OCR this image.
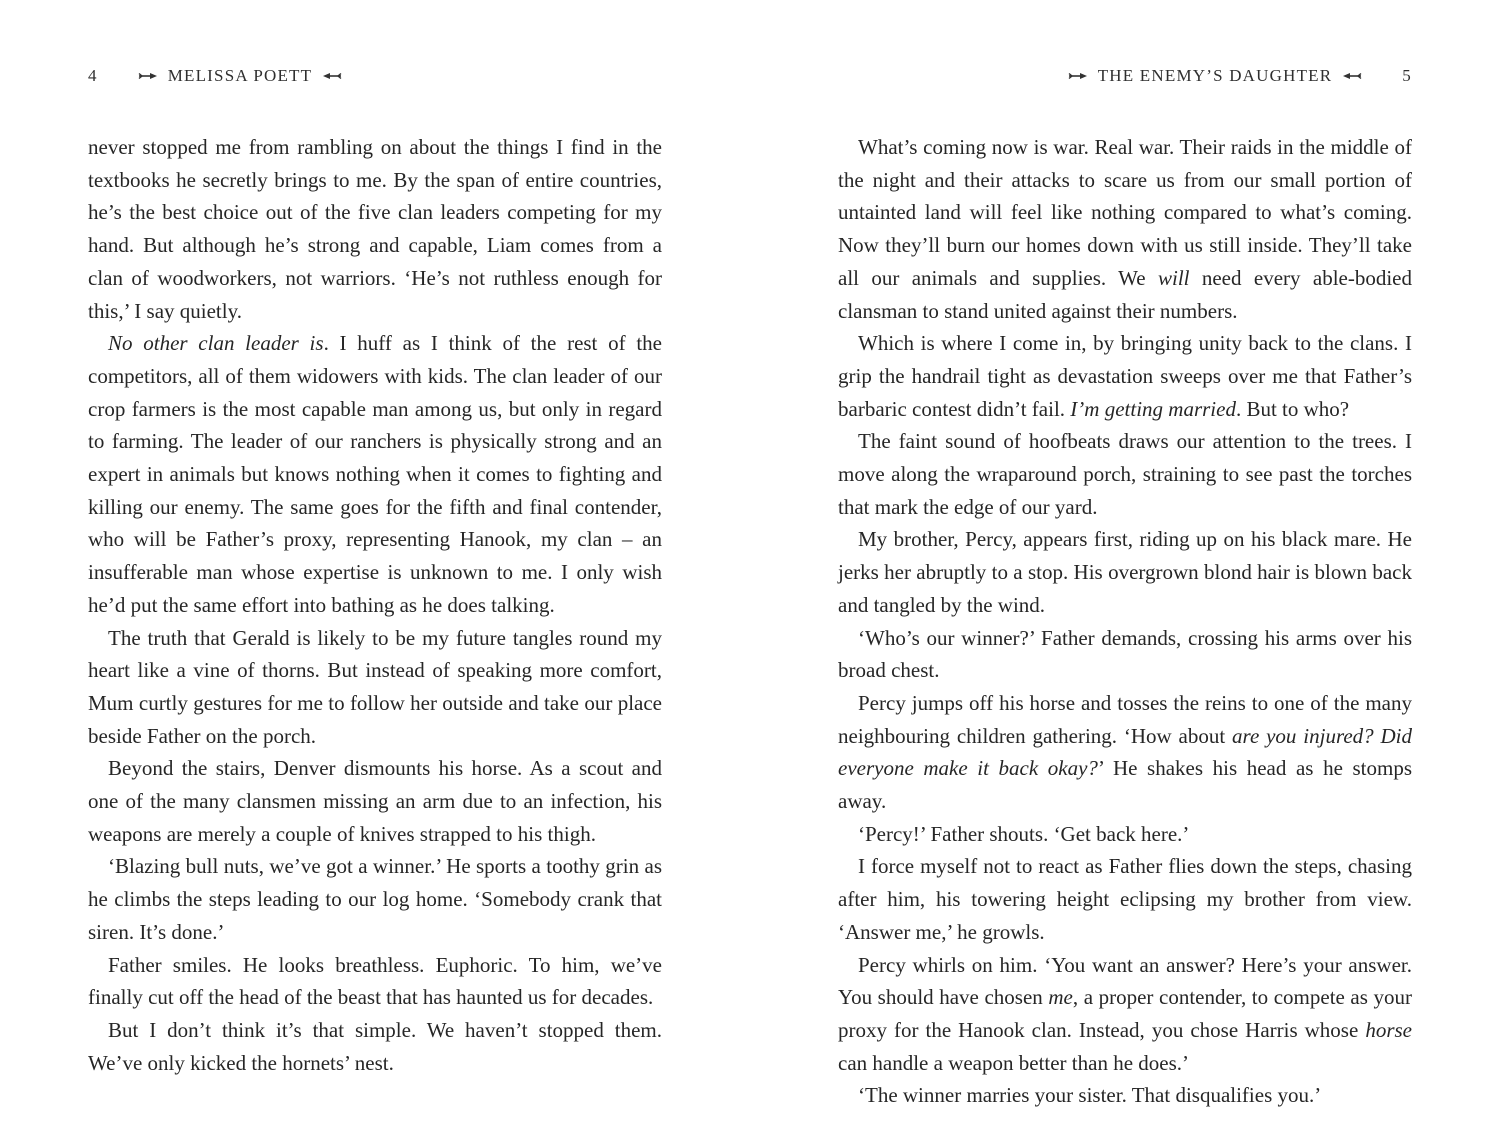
4	MELISSA POETT

never stopped me from rambling on about the things I find in the textbooks he secretly brings to me. By the span of entire countries, he’s the best choice out of the five clan leaders competing for my hand. But although he’s strong and capable, Liam comes from a clan of woodworkers, not warriors. ‘He’s not ruthless enough for this,’ I say quietly.

No other clan leader is. I huff as I think of the rest of the competitors, all of them widowers with kids. The clan leader of our crop farmers is the most capable man among us, but only in regard to farming. The leader of our ranchers is physically strong and an expert in animals but knows nothing when it comes to fighting and killing our enemy. The same goes for the fifth and final contender, who will be Father’s proxy, representing Hanook, my clan – an insufferable man whose expertise is unknown to me. I only wish he’d put the same effort into bathing as he does talking.

The truth that Gerald is likely to be my future tangles round my heart like a vine of thorns. But instead of speaking more comfort, Mum curtly gestures for me to follow her outside and take our place beside Father on the porch.

Beyond the stairs, Denver dismounts his horse. As a scout and one of the many clansmen missing an arm due to an infection, his weapons are merely a couple of knives strapped to his thigh.

‘Blazing bull nuts, we’ve got a winner.’ He sports a toothy grin as he climbs the steps leading to our log home. ‘Somebody crank that siren. It’s done.’

Father smiles. He looks breathless. Euphoric. To him, we’ve finally cut off the head of the beast that has haunted us for decades.

But I don’t think it’s that simple. We haven’t stopped them. We’ve only kicked the hornets’ nest.

THE ENEMY’S DAUGHTER	5

What’s coming now is war. Real war. Their raids in the middle of the night and their attacks to scare us from our small portion of untainted land will feel like nothing compared to what’s coming. Now they’ll burn our homes down with us still inside. They’ll take all our animals and supplies. We will need every able-bodied clansman to stand united against their numbers.

Which is where I come in, by bringing unity back to the clans. I grip the handrail tight as devastation sweeps over me that Father’s barbaric contest didn’t fail. I’m getting married. But to who?

The faint sound of hoofbeats draws our attention to the trees. I move along the wraparound porch, straining to see past the torches that mark the edge of our yard.

My brother, Percy, appears first, riding up on his black mare. He jerks her abruptly to a stop. His overgrown blond hair is blown back and tangled by the wind.

‘Who’s our winner?’ Father demands, crossing his arms over his broad chest.

Percy jumps off his horse and tosses the reins to one of the many neighbouring children gathering. ‘How about are you injured? Did everyone make it back okay?’ He shakes his head as he stomps away.

‘Percy!’ Father shouts. ‘Get back here.’

I force myself not to react as Father flies down the steps, chasing after him, his towering height eclipsing my brother from view. ‘Answer me,’ he growls.

Percy whirls on him. ‘You want an answer? Here’s your answer. You should have chosen me, a proper contender, to compete as your proxy for the Hanook clan. Instead, you chose Harris whose horse can handle a weapon better than he does.’

‘The winner marries your sister. That disqualifies you.’
